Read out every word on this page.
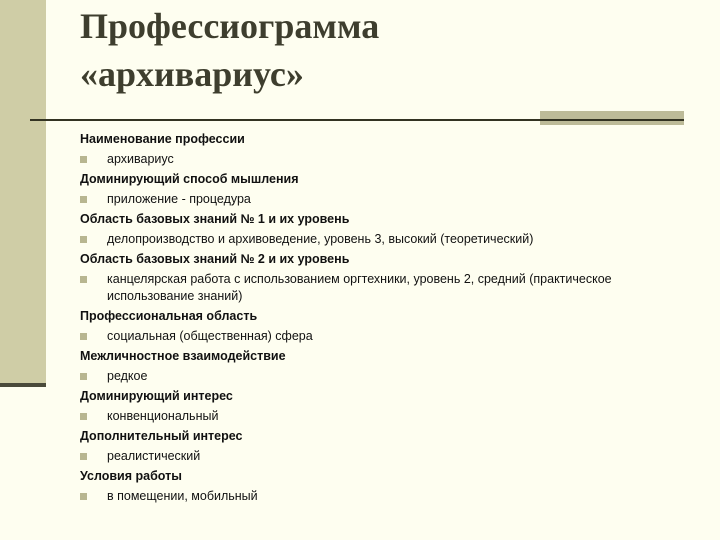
Профессиограмма
«архивариус»
Наименование профессии
архивариус
Доминирующий способ мышления
приложение - процедура
Область базовых знаний № 1 и их уровень
делопроизводство и архивоведение, уровень 3, высокий (теоретический)
Область базовых знаний № 2 и их уровень
канцелярская работа с использованием оргтехники, уровень 2, средний (практическое использование знаний)
Профессиональная область
социальная (общественная) сфера
Межличностное взаимодействие
редкое
Доминирующий интерес
конвенциональный
Дополнительный интерес
реалистический
Условия работы
в помещении, мобильный
